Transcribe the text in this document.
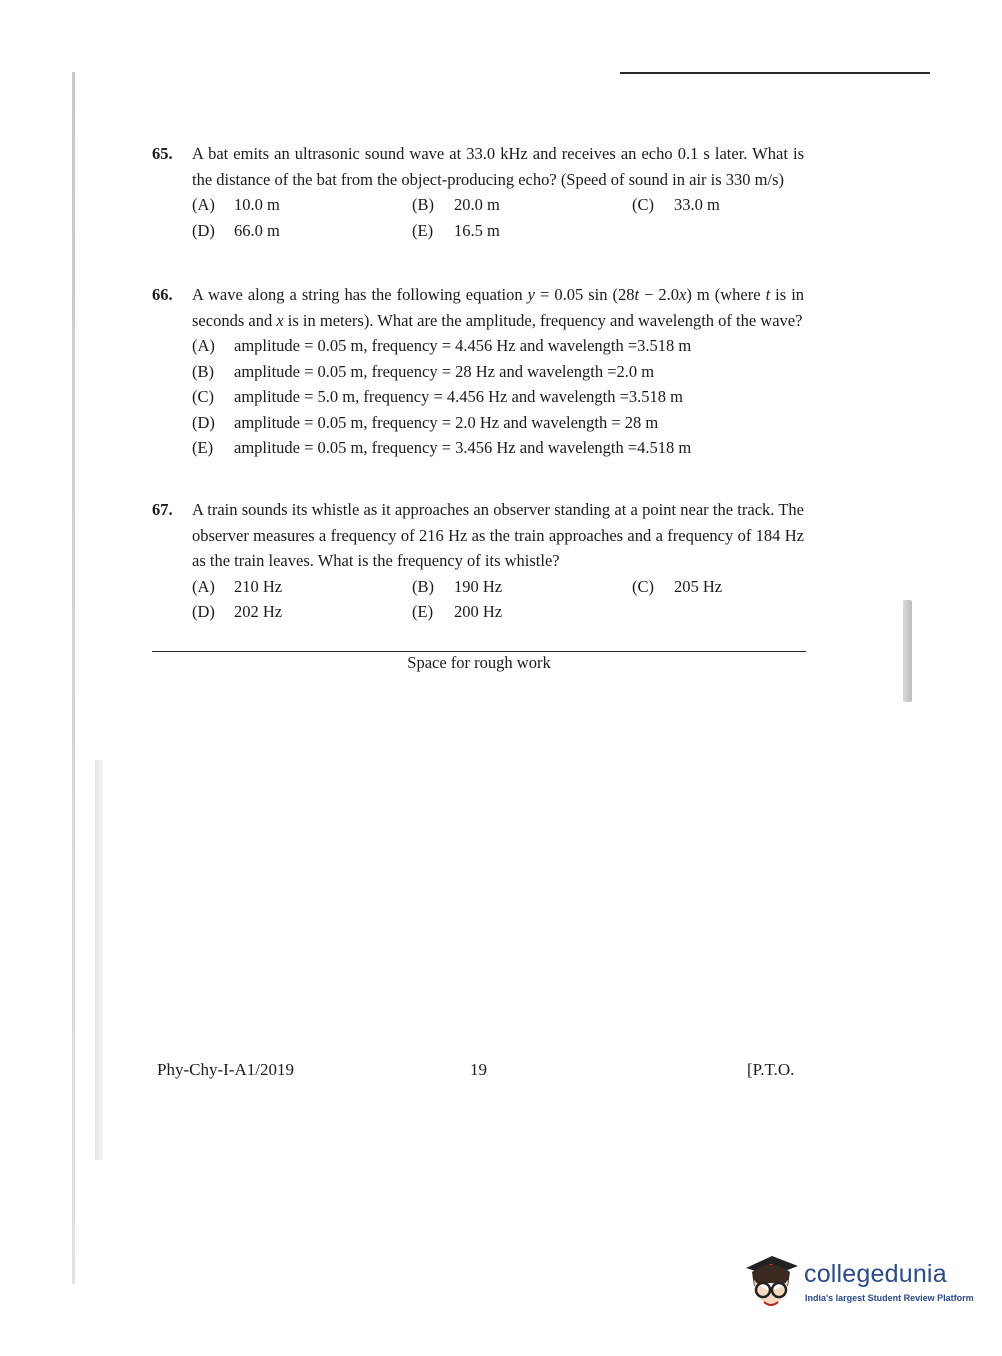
65. A bat emits an ultrasonic sound wave at 33.0 kHz and receives an echo 0.1 s later. What is the distance of the bat from the object-producing echo? (Speed of sound in air is 330 m/s)
(A) 10.0 m	(B) 20.0 m	(C) 33.0 m
(D) 66.0 m	(E) 16.5 m
66. A wave along a string has the following equation y = 0.05 sin (28t − 2.0x) m (where t is in seconds and x is in meters). What are the amplitude, frequency and wavelength of the wave?
(A) amplitude = 0.05 m, frequency = 4.456 Hz and wavelength =3.518 m
(B) amplitude = 0.05 m, frequency = 28 Hz and wavelength =2.0 m
(C) amplitude = 5.0 m, frequency = 4.456 Hz and wavelength =3.518 m
(D) amplitude = 0.05 m, frequency = 2.0 Hz and wavelength = 28 m
(E) amplitude = 0.05 m, frequency = 3.456 Hz and wavelength =4.518 m
67. A train sounds its whistle as it approaches an observer standing at a point near the track. The observer measures a frequency of 216 Hz as the train approaches and a frequency of 184 Hz as the train leaves. What is the frequency of its whistle?
(A) 210 Hz	(B) 190 Hz	(C) 205 Hz
(D) 202 Hz	(E) 200 Hz
Space for rough work
Phy-Chy-I-A1/2019	19	[P.T.O.
collegedunia
India's largest Student Review Platform
